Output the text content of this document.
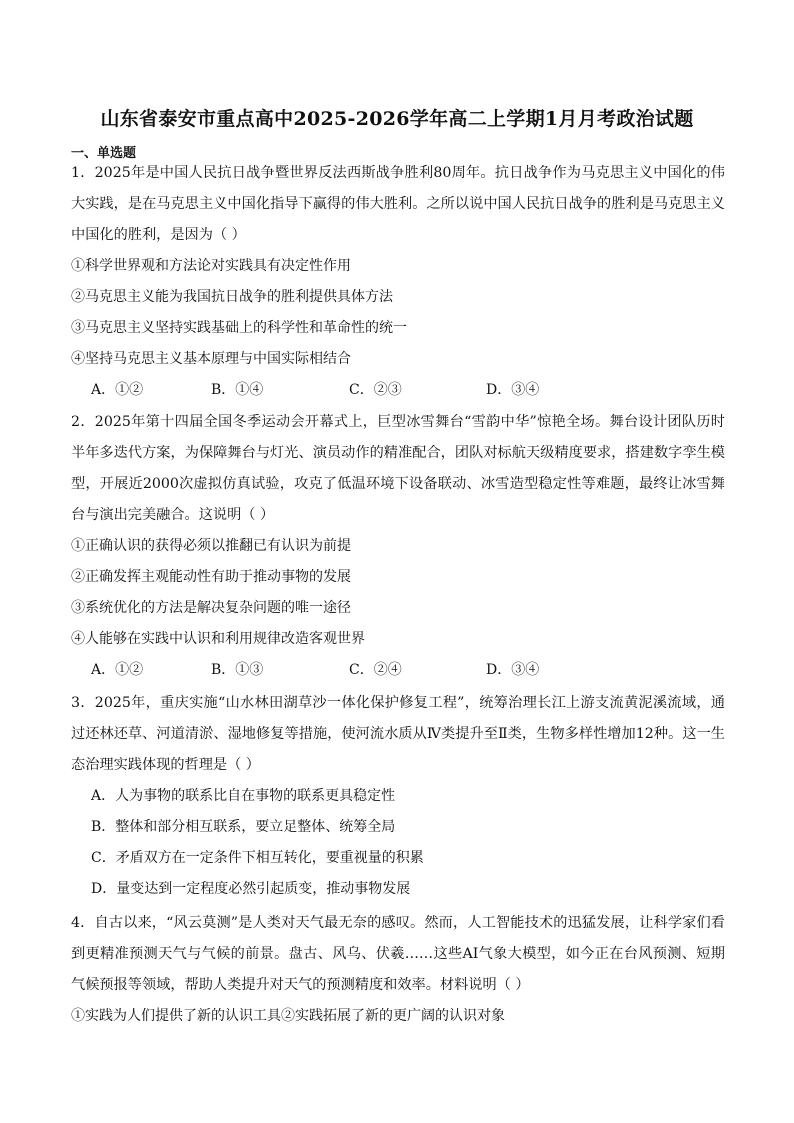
山东省泰安市重点高中2025-2026学年高二上学期1月月考政治试题
一、单选题

1．2025年是中国人民抗日战争暨世界反法西斯战争胜利80周年。抗日战争作为马克思主义中国化的伟大实践，是在马克思主义中国化指导下赢得的伟大胜利。之所以说中国人民抗日战争的胜利是马克思主义中国化的胜利，是因为（ ）

①科学世界观和方法论对实践具有决定性作用

②马克思主义能为我国抗日战争的胜利提供具体方法

③马克思主义坚持实践基础上的科学性和革命性的统一

④坚持马克思主义基本原理与中国实际相结合

A．①②	B．①④	C．②③	D．③④

2．2025年第十四届全国冬季运动会开幕式上，巨型冰雪舞台“雪韵中华”惊艳全场。舞台设计团队历时半年多迭代方案，为保障舞台与灯光、演员动作的精准配合，团队对标航天级精度要求，搭建数字孪生模型，开展近2000次虚拟仿真试验，攻克了低温环境下设备联动、冰雪造型稳定性等难题，最终让冰雪舞台与演出完美融合。这说明（ ）

①正确认识的获得必须以推翻已有认识为前提

②正确发挥主观能动性有助于推动事物的发展

③系统优化的方法是解决复杂问题的唯一途径

④人能够在实践中认识和利用规律改造客观世界

A．①②	B．①③	C．②④	D．③④

3．2025年，重庆实施“山水林田湖草沙一体化保护修复工程”，统筹治理长江上游支流黄泥溪流域，通过还林还草、河道清淤、湿地修复等措施，使河流水质从Ⅳ类提升至Ⅱ类，生物多样性增加12种。这一生态治理实践体现的哲理是（ ）

A．人为事物的联系比自在事物的联系更具稳定性
B．整体和部分相互联系，要立足整体、统筹全局
C．矛盾双方在一定条件下相互转化，要重视量的积累
D．量变达到一定程度必然引起质变，推动事物发展

4．自古以来，“风云莫测”是人类对天气最无奈的感叹。然而，人工智能技术的迅猛发展，让科学家们看到更精准预测天气与气候的前景。盘古、风乌、伏羲……这些AI气象大模型，如今正在台风预测、短期气候预报等领域，帮助人类提升对天气的预测精度和效率。材料说明（ ）

①实践为人们提供了新的认识工具②实践拓展了新的更广阔的认识对象
